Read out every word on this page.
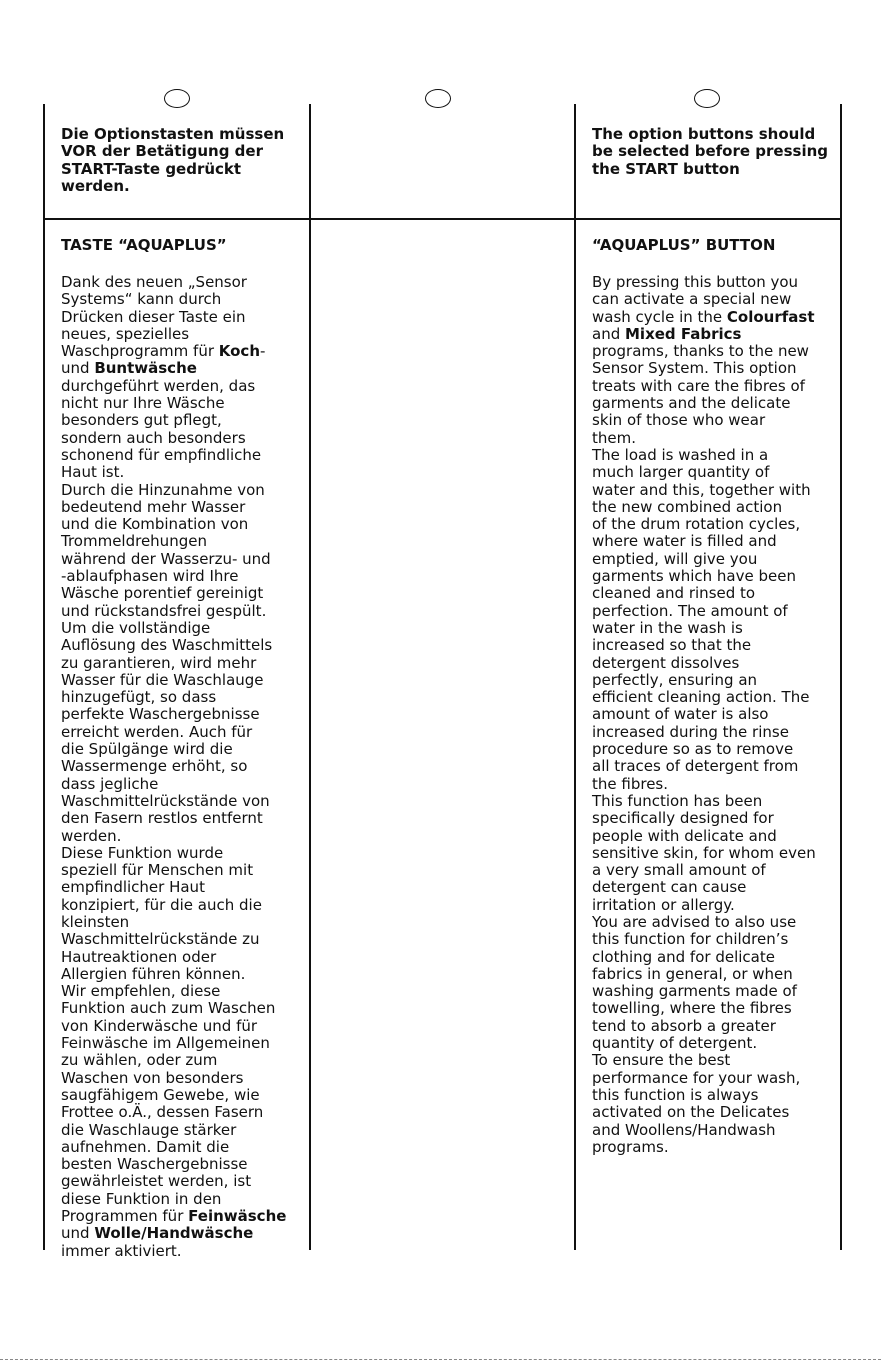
Die Optionstasten müssen

VOR der Betätigung der

START-Taste gedrückt

werden.

The option buttons should

be selected before pressing

the START button

TASTE “AQUAPLUS”	“AQUAPLUS” BUTTON

Dank des neuen „Sensor

Systems“ kann durch

Drücken dieser Taste ein

neues, spezielles

Waschprogramm für Koch-

und Buntwäsche

durchgeführt werden, das

nicht nur Ihre Wäsche

besonders gut pflegt,

sondern auch besonders

schonend für empfindliche

Haut ist.

Durch die Hinzunahme von

bedeutend mehr Wasser

und die Kombination von

Trommeldrehungen

während der Wasserzu- und

-ablaufphasen wird Ihre

Wäsche porentief gereinigt

und rückstandsfrei gespült.

Um die vollständige

Auflösung des Waschmittels

zu garantieren, wird mehr

Wasser für die Waschlauge

hinzugefügt, so dass

perfekte Waschergebnisse

erreicht werden. Auch für

die Spülgänge wird die

Wassermenge erhöht, so

dass jegliche

Waschmittelrückstände von

den Fasern restlos entfernt

werden.

Diese Funktion wurde

speziell für Menschen mit

empfindlicher Haut

konzipiert, für die auch die

kleinsten

Waschmittelrückstände zu

Hautreaktionen oder

Allergien führen können.

Wir empfehlen, diese

Funktion auch zum Waschen

von Kinderwäsche und für

Feinwäsche im Allgemeinen

zu wählen, oder zum

Waschen von besonders

saugfähigem Gewebe, wie

Frottee o.Ä., dessen Fasern

die Waschlauge stärker

aufnehmen. Damit die

besten Waschergebnisse

gewährleistet werden, ist

diese Funktion in den

Programmen für Feinwäsche

und Wolle/Handwäsche

immer aktiviert.

By pressing this button you

can activate a special new

wash cycle in the Colourfast

and Mixed Fabrics

programs, thanks to the new

Sensor System. This option

treats with care the fibres of

garments and the delicate

skin of those who wear

them.

The load is washed in a

much larger quantity of

water and this, together with

the new combined action

of the drum rotation cycles,

where water is filled and

emptied, will give you

garments which have been

cleaned and rinsed to

perfection. The amount of

water in the wash is

increased so that the

detergent dissolves

perfectly, ensuring an

efficient cleaning action. The

amount of water is also

increased during the rinse

procedure so as to remove

all traces of detergent from

the fibres.

This function has been

specifically designed for

people with delicate and

sensitive skin, for whom even

a very small amount of

detergent can cause

irritation or allergy.

You are advised to also use

this function for children’s

clothing and for delicate

fabrics in general, or when

washing garments made of

towelling, where the fibres

tend to absorb a greater

quantity of detergent.

To ensure the best

performance for your wash,

this function is always

activated on the Delicates

and Woollens/Handwash

programs.
